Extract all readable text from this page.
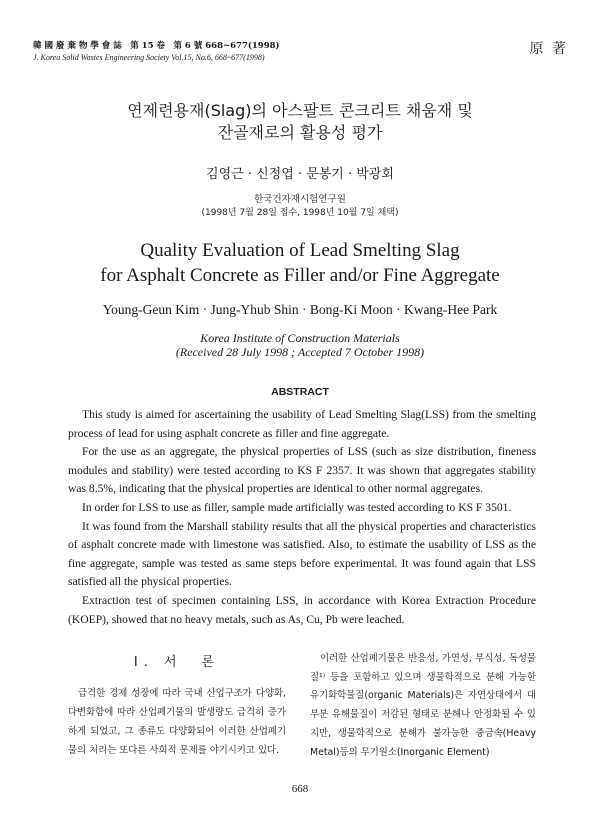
韓 國 廢 棄 物 學 會 誌　第 15 卷　第 6 號 668~677(1998)
J. Korea Solid Wastes Engineering Society Vol.15, No.6, 668~677(1998)
原 著
연제련용재(Slag)의 아스팔트 콘크리트 채움재 및
잔골재로의 활용성 평가
김영근 · 신정엽 · 문봉기 · 박광회
한국건자재시험연구원
(1998년 7월 28일 접수, 1998년 10월 7일 채택)
Quality Evaluation of Lead Smelting Slag
for Asphalt Concrete as Filler and/or Fine Aggregate
Young-Geun Kim · Jung-Yhub Shin · Bong-Ki Moon · Kwang-Hee Park
Korea Institute of Construction Materials
(Received 28 July 1998 ; Accepted 7 October 1998)
ABSTRACT

This study is aimed for ascertaining the usability of Lead Smelting Slag(LSS) from the smelting process of lead for using asphalt concrete as filler and fine aggregate.

For the use as an aggregate, the physical properties of LSS (such as size distribution, fineness modules and stability) were tested according to KS F 2357. It was shown that aggregates stability was 8.5%, indicating that the physical properties are identical to other normal aggregates.

In order for LSS to use as filler, sample made artificially was tested according to KS F 3501.

It was found from the Marshall stability results that all the physical properties and characteristics of asphalt concrete made with limestone was satisfied. Also, to estimate the usability of LSS as the fine aggregate, sample was tested as same steps before experimental. It was found again that LSS satisfied all the physical properties.

Extraction test of specimen containing LSS, in accordance with Korea Extraction Procedure (KOEP), showed that no heavy metals, such as As, Cu, Pb were leached.

Ⅰ. 서　론

급격한 경제 성장에 따라 국내 산업구조가 다양화, 다변화함에 따라 산업폐기물의 발생량도 급격히 증가하게 되었고, 그 종류도 다양화되어 이러한 산업폐기물의 처리는 또다른 사회적 문제를 야기시키고 있다.

이러한 산업폐기물은 반응성, 가연성, 부식성, 독성물질¹⁾ 등을 포함하고 있으며 생물학적으로 분해 가능한 유기화학물질(organic Materials)은 자연상태에서 대부분 유해물질이 저감된 형태로 분해나 안정화될 수 있지만, 생물학적으로 분해가 불가능한 중금속(Heavy Metal)등의 무기원소(Inorganic Element)

668
